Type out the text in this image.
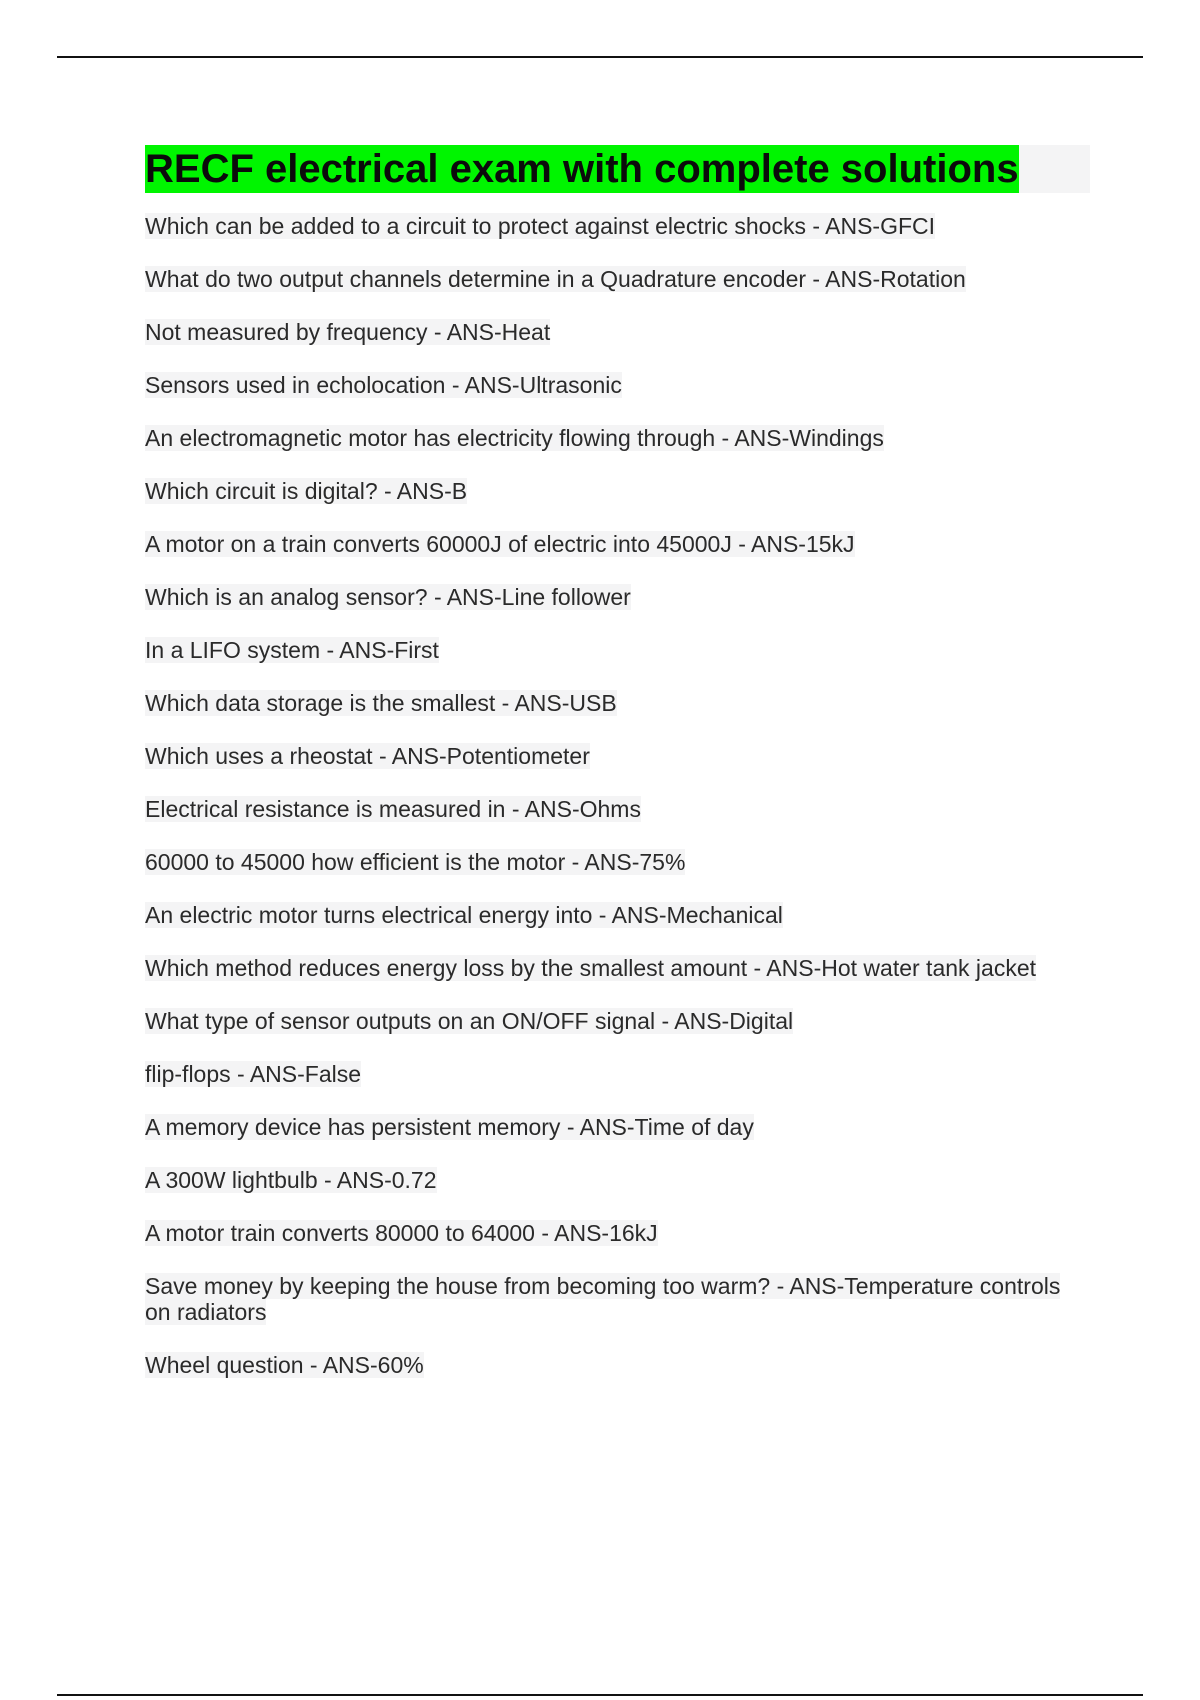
RECF electrical exam with complete solutions
Which can be added to a circuit to protect against electric shocks - ANS-GFCI
What do two output channels determine in a Quadrature encoder - ANS-Rotation
Not measured by frequency - ANS-Heat
Sensors used in echolocation - ANS-Ultrasonic
An electromagnetic motor has electricity flowing through - ANS-Windings
Which circuit is digital? - ANS-B
A motor on a train converts 60000J of electric into 45000J - ANS-15kJ
Which is an analog sensor? - ANS-Line follower
In a LIFO system - ANS-First
Which data storage is the smallest - ANS-USB
Which uses a rheostat - ANS-Potentiometer
Electrical resistance is measured in - ANS-Ohms
60000 to 45000 how efficient is the motor - ANS-75%
An electric motor turns electrical energy into - ANS-Mechanical
Which method reduces energy loss by the smallest amount - ANS-Hot water tank jacket
What type of sensor outputs on an ON/OFF signal - ANS-Digital
flip-flops - ANS-False
A memory device has persistent memory - ANS-Time of day
A 300W lightbulb - ANS-0.72
A motor train converts 80000 to 64000 - ANS-16kJ
Save money by keeping the house from becoming too warm? - ANS-Temperature controls on radiators
Wheel question - ANS-60%
